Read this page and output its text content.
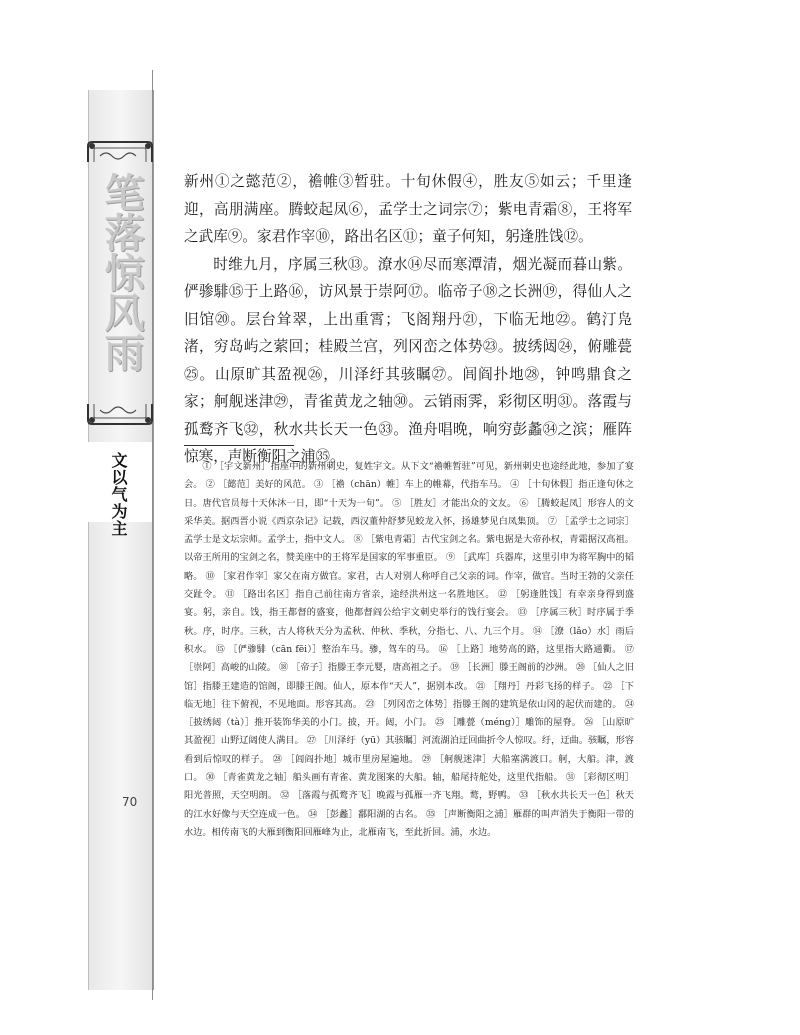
笔落惊风雨
文以气为主
70

新州①之懿范②，襜帷③暂驻。十旬休假④，胜友⑤如云；千里逢迎，高朋满座。腾蛟起凤⑥，孟学士之词宗⑦；紫电青霜⑧，王将军之武库⑨。家君作宰⑩，路出名区⑪；童子何知，躬逢胜饯⑫。

时维九月，序属三秋⑬。潦水⑭尽而寒潭清，烟光凝而暮山紫。俨骖騑⑮于上路⑯，访风景于崇阿⑰。临帝子⑱之长洲⑲，得仙人之旧馆⑳。层台耸翠，上出重霄；飞阁翔丹㉑，下临无地㉒。鹤汀凫渚，穷岛屿之萦回；桂殿兰宫，列冈峦之体势㉓。披绣闼㉔，俯雕甍㉕。山原旷其盈视㉖，川泽纡其骇瞩㉗。闾阎扑地㉘，钟鸣鼎食之家；舸舰迷津㉙，青雀黄龙之轴㉚。云销雨霁，彩彻区明㉛。落霞与孤鹜齐飞㉜，秋水共长天一色㉝。渔舟唱晚，响穷彭蠡㉞之滨；雁阵惊寒，声断衡阳之浦㉟。

① ［宇文新州］指座中的新州刺史，复姓宇文。从下文“襜帷暂驻”可见，新州刺史也途经此地，参加了宴会。 ② ［懿范］美好的风范。 ③ ［襜（chān）帷］车上的帷幕，代指车马。 ④ ［十旬休假］指正逢旬休之日。唐代官员每十天休沐一日，即“十天为一旬”。 ⑤ ［胜友］才能出众的文友。 ⑥ ［腾蛟起凤］形容人的文采华美。据西晋小说《西京杂记》记载，西汉董仲舒梦见蛟龙入怀，扬雄梦见白凤集顶。 ⑦ ［孟学士之词宗］孟学士是文坛宗师。孟学士，指中文人。 ⑧ ［紫电青霜］古代宝剑之名。紫电据是大帝孙权，青霜据汉高祖。以帝王所用的宝剑之名，赞美座中的王将军是国家的军事重臣。 ⑨ ［武库］兵器库，这里引申为将军胸中的韬略。 ⑩ ［家君作宰］家父在南方做官。家君，古人对别人称呼自己父亲的词。作宰，做官。当时王勃的父亲任交趾令。 ⑪ ［路出名区］指自己前往南方省亲，途经洪州这一名胜地区。 ⑫ ［躬逢胜饯］有幸亲身得到盛宴。躬，亲自。饯，指王都督的盛宴，他都督阎公给宇文刺史举行的饯行宴会。 ⑬ ［序属三秋］时序属于季秋。序，时序。三秋，古人将秋天分为孟秋、仲秋、季秋，分指七、八、九三个月。 ⑭ ［潦（lǎo）水］雨后积水。 ⑮ ［俨骖騑（cān fēi）］整治车马。骖，驾车的马。 ⑯ ［上路］地势高的路，这里指大路通衢。 ⑰ ［崇阿］高峻的山陵。 ⑱ ［帝子］指滕王李元婴，唐高祖之子。 ⑲ ［长洲］滕王阁前的沙洲。 ⑳ ［仙人之旧馆］指滕王建造的馆阁，即滕王阁。仙人，原本作“天人”，据别本改。 ㉑ ［翔丹］丹彩飞扬的样子。 ㉒ ［下临无地］往下俯视，不见地面。形容其高。 ㉓ ［列冈峦之体势］指滕王阁的建筑是依山冈的起伏而建的。 ㉔ ［披绣闼（tà）］推开装饰华美的小门。披，开。闼，小门。 ㉕ ［雕甍（méng）］雕饰的屋脊。 ㉖ ［山原旷其盈视］山野辽阔使人满目。 ㉗ ［川泽纡（yū）其骇瞩］河流湖泊迂回曲折令人惊叹。纡，迂曲。骇瞩，形容看到后惊叹的样子。 ㉘ ［闾阎扑地］城市里房屋遍地。 ㉙ ［舸舰迷津］大船塞满渡口。舸，大船。津，渡口。 ㉚ ［青雀黄龙之轴］船头画有青雀、黄龙图案的大船。轴，船尾持舵处，这里代指船。 ㉛ ［彩彻区明］阳光普照，天空明朗。 ㉜ ［落霞与孤鹜齐飞］晚霞与孤雁一齐飞翔。鹜，野鸭。 ㉝ ［秋水共长天一色］秋天的江水好像与天空连成一色。 ㉞ ［彭蠡］鄱阳湖的古名。 ㉟ ［声断衡阳之浦］雁群的叫声消失于衡阳一带的水边。相传南飞的大雁到衡阳回雁峰为止，北雁南飞，至此折回。浦，水边。
